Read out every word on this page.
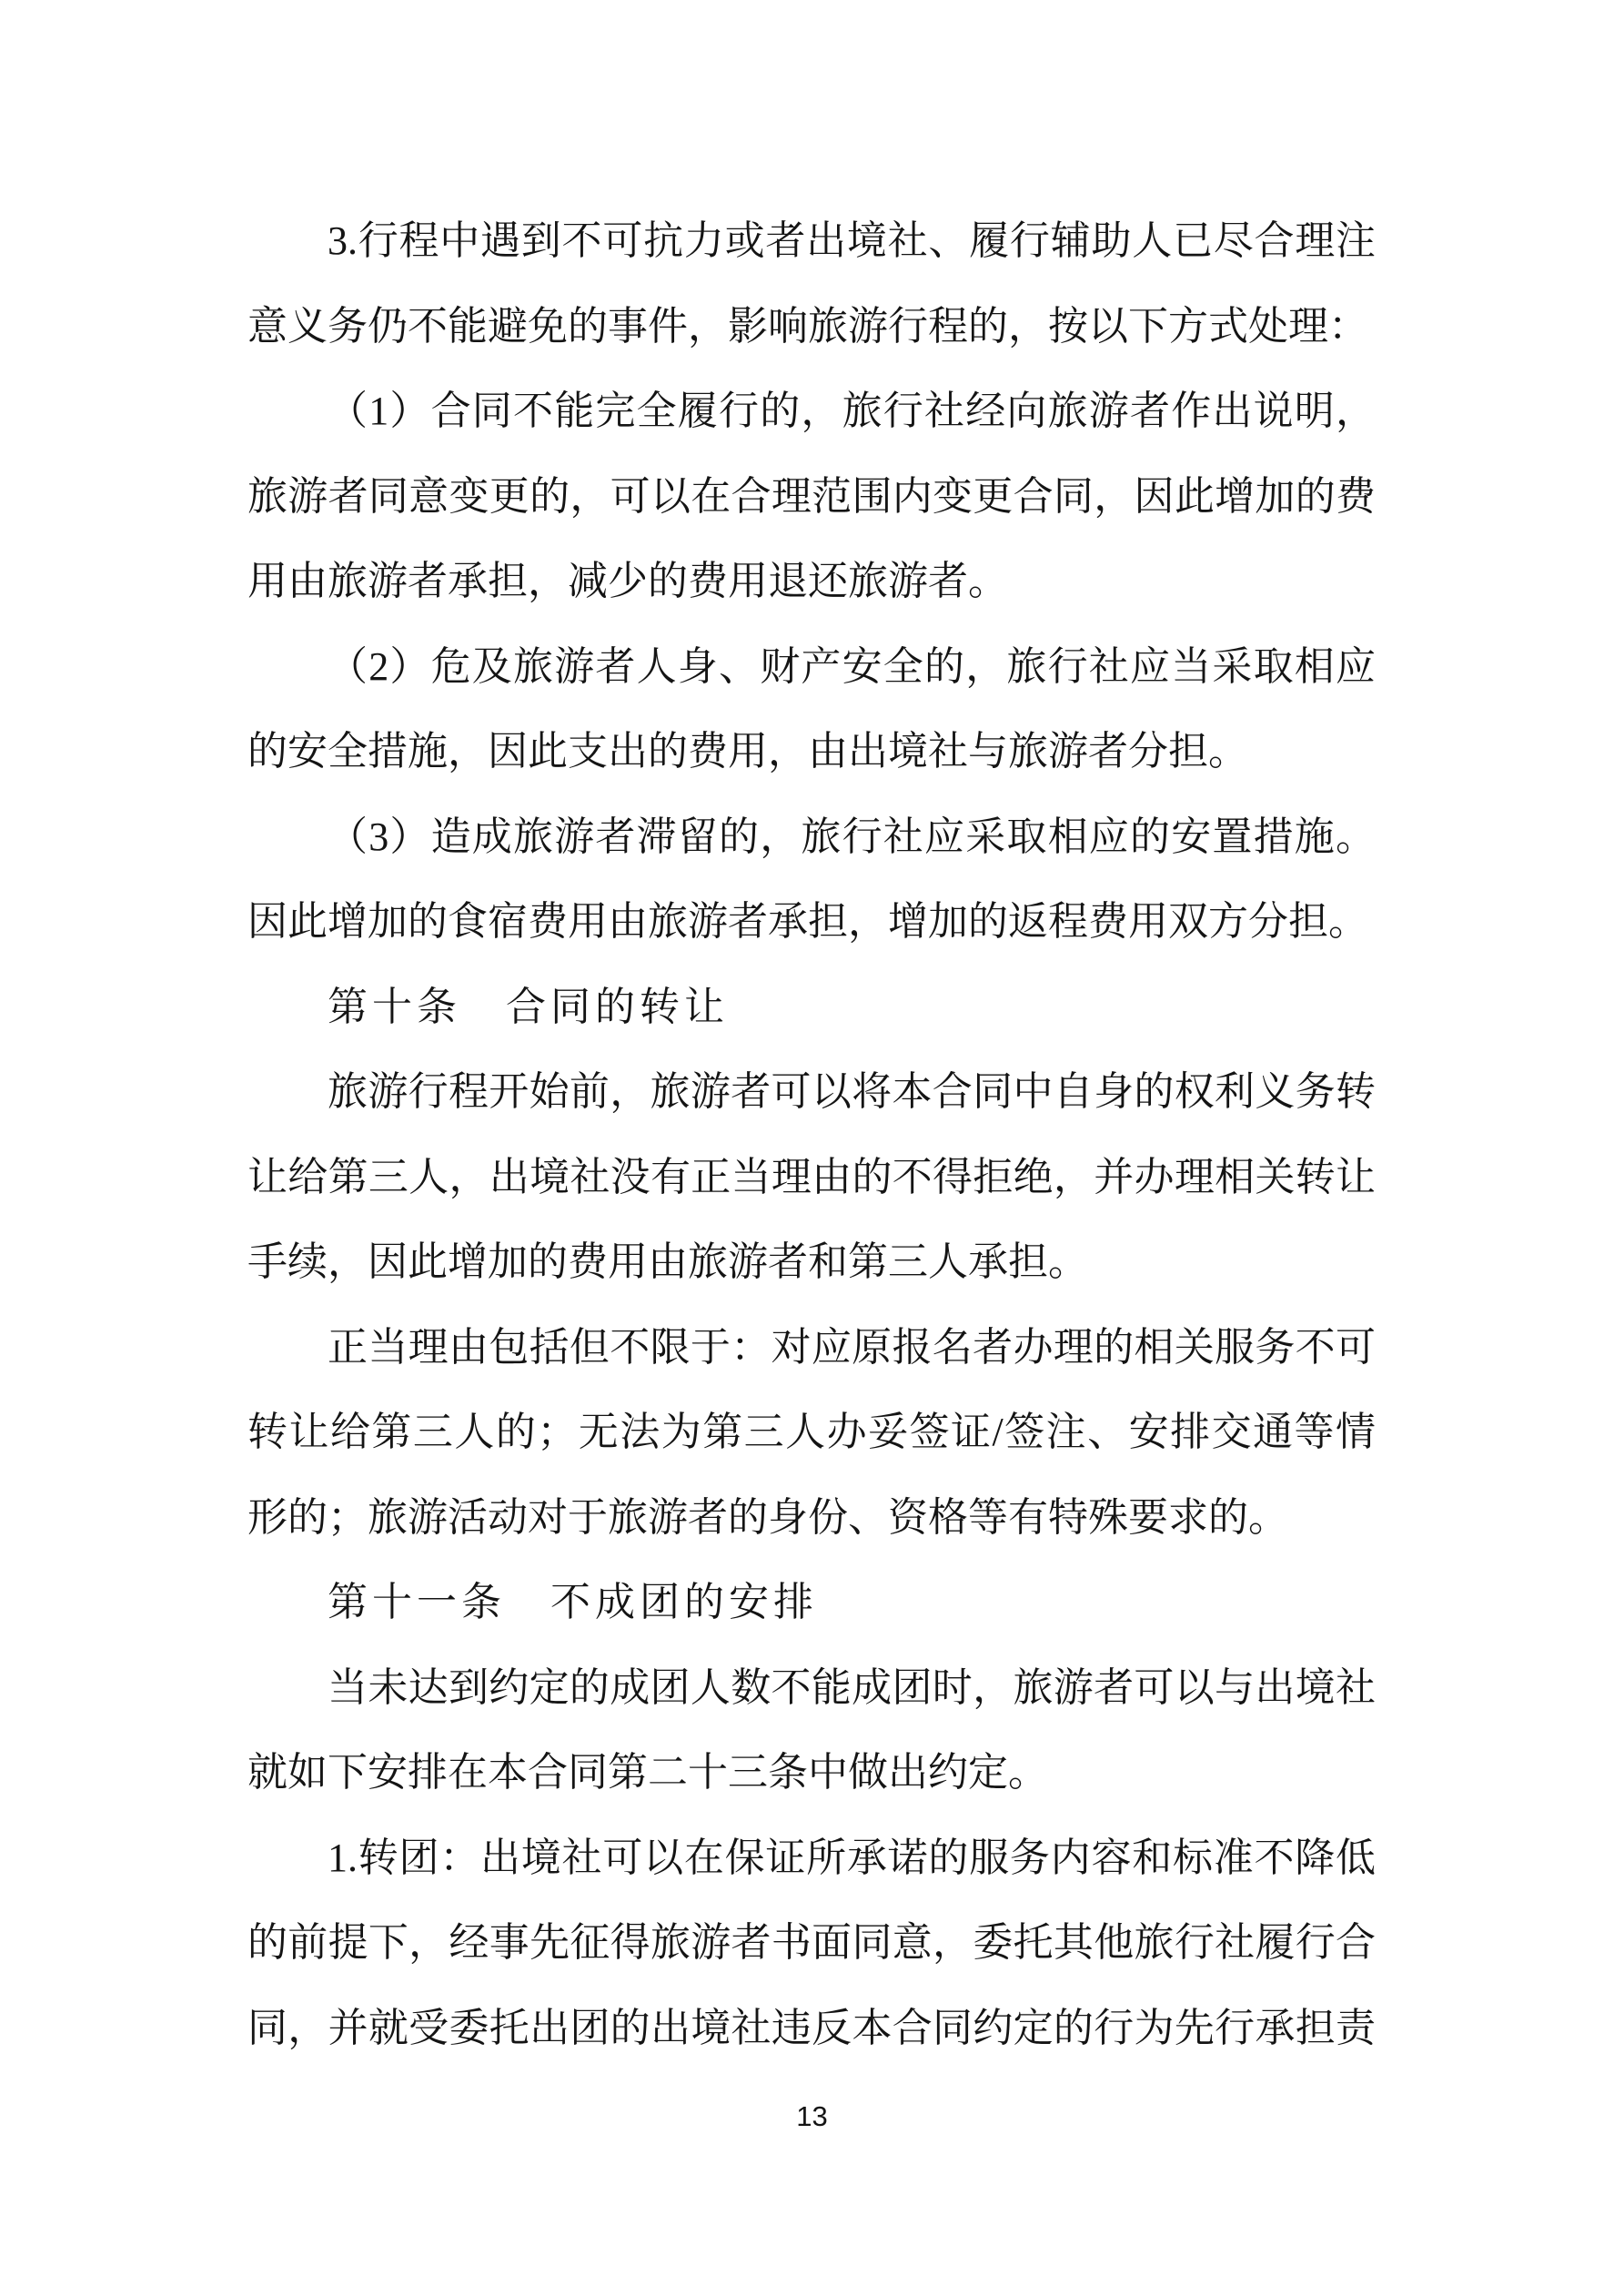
3.行程中遇到不可抗力或者出境社、履行辅助人已尽合理注
意义务仍不能避免的事件，影响旅游行程的，按以下方式处理：
（1）合同不能完全履行的，旅行社经向旅游者作出说明，
旅游者同意变更的，可以在合理范围内变更合同，因此增加的费
用由旅游者承担，减少的费用退还旅游者。
（2）危及旅游者人身、财产安全的，旅行社应当采取相应
的安全措施，因此支出的费用，由出境社与旅游者分担。
（3）造成旅游者滞留的，旅行社应采取相应的安置措施。
因此增加的食宿费用由旅游者承担，增加的返程费用双方分担。
第十条　合同的转让
旅游行程开始前，旅游者可以将本合同中自身的权利义务转
让给第三人，出境社没有正当理由的不得拒绝，并办理相关转让
手续，因此增加的费用由旅游者和第三人承担。
正当理由包括但不限于：对应原报名者办理的相关服务不可
转让给第三人的；无法为第三人办妥签证/签注、安排交通等情
形的；旅游活动对于旅游者的身份、资格等有特殊要求的。
第十一条　不成团的安排
当未达到约定的成团人数不能成团时，旅游者可以与出境社
就如下安排在本合同第二十三条中做出约定。
1.转团：出境社可以在保证所承诺的服务内容和标准不降低
的前提下，经事先征得旅游者书面同意，委托其他旅行社履行合
同，并就受委托出团的出境社违反本合同约定的行为先行承担责
13
